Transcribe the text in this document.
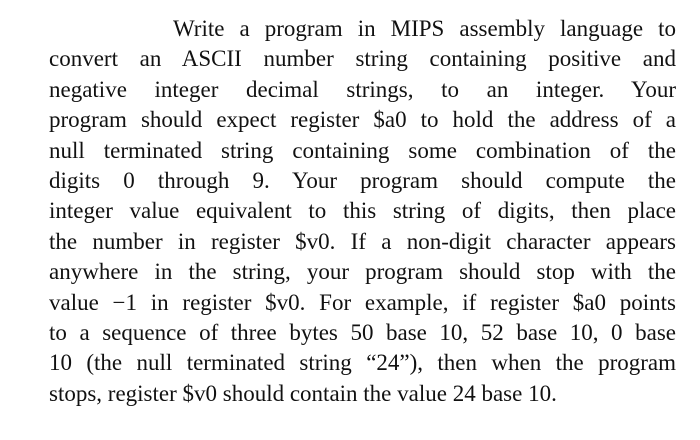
Write a program in MIPS assembly language to
convert an ASCII number string containing positive and
negative integer decimal strings, to an integer. Your
program should expect register $a0 to hold the address of a
null terminated string containing some combination of the
digits 0 through 9. Your program should compute the
integer value equivalent to this string of digits, then place
the number in register $v0. If a non-digit character appears
anywhere in the string, your program should stop with the
value −1 in register $v0. For example, if register $a0 points
to a sequence of three bytes 50 base 10, 52 base 10, 0 base
10 (the null terminated string “24”), then when the program
stops, register $v0 should contain the value 24 base 10.
